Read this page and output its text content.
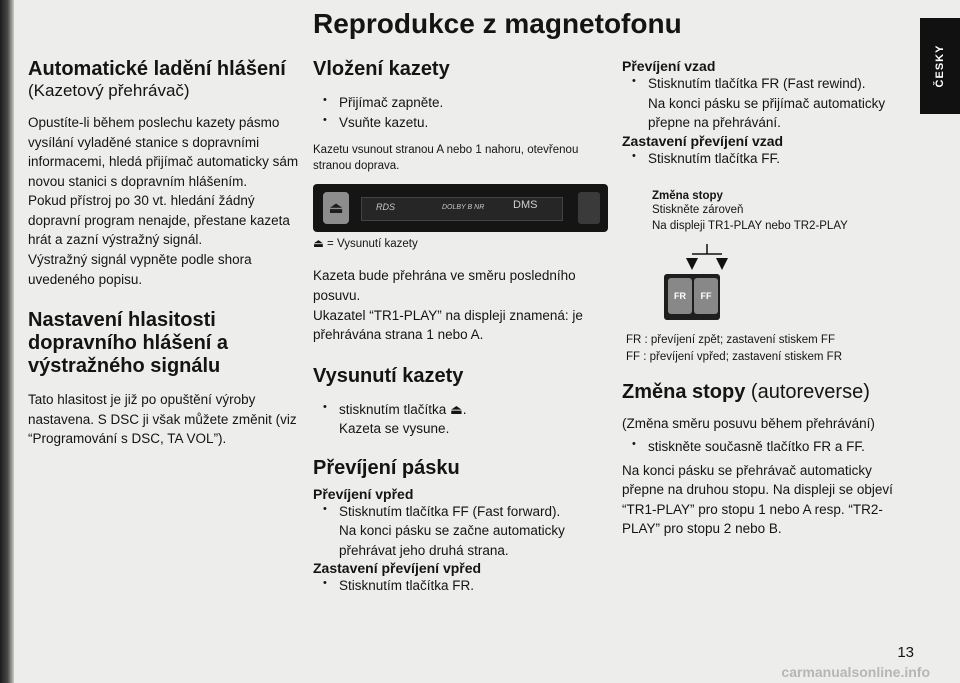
ČESKY
Reprodukce z magnetofonu
Automatické ladění hlášení
(Kazetový přehrávač)

Opustíte-li během poslechu kazety pásmo vysílání vyladěné stanice s dopravními informacemi, hledá přijímač automaticky sám novou stanici s dopravním hlášením.

Pokud přístroj po 30 vt. hledání žádný dopravní program nenajde, přestane kazeta hrát a zazní výstražný signál.

Výstražný signál vypněte podle shora uvedeného popisu.

Nastavení hlasitosti dopravního hlášení a výstražného signálu

Tato hlasitost je již po opuštění výroby nastavena. S DSC ji však můžete změnit (viz “Programování s DSC, TA VOL”).

Vložení kazety
• Přijímač zapněte.
• Vsuňte kazetu.

Kazetu vsunout stranou A nebo 1 nahoru, otevřenou stranou doprava.

⏏	RDS	DOLBY B NR	DMS

⏏ = Vysunutí kazety

Kazeta bude přehrána ve směru posledního posuvu.

Ukazatel “TR1-PLAY” na displeji znamená: je přehrávána strana 1 nebo A.

Vysunutí kazety
• stisknutím tlačítka ⏏.

Kazeta se vysune.

Převíjení pásku
Převíjení vpřed
• Stisknutím tlačítka FF (Fast forward).

Na konci pásku se začne automaticky přehrávat jeho druhá strana.

Zastavení převíjení vpřed
• Stisknutím tlačítka FR.
Převíjení vzad
• Stisknutím tlačítka FR (Fast rewind).

Na konci pásku se přijímač automaticky přepne na přehrávání.

Zastavení převíjení vzad
• Stisknutím tlačítka FF.
Změna stopy

Stiskněte zároveň

Na displeji TR1-PLAY nebo TR2-PLAY

FR	FF

FR : převíjení zpět; zastavení stiskem FF

FF : převíjení vpřed; zastavení stiskem FR

Změna stopy (autoreverse)

(Změna směru posuvu během přehrávání)

• stiskněte současně tlačítko FR a FF.

Na konci pásku se přehrávač automaticky přepne na druhou stopu. Na displeji se objeví “TR1-PLAY” pro stopu 1 nebo A resp. “TR2-PLAY” pro stopu 2 nebo B.

13
carmanualsonline.info
